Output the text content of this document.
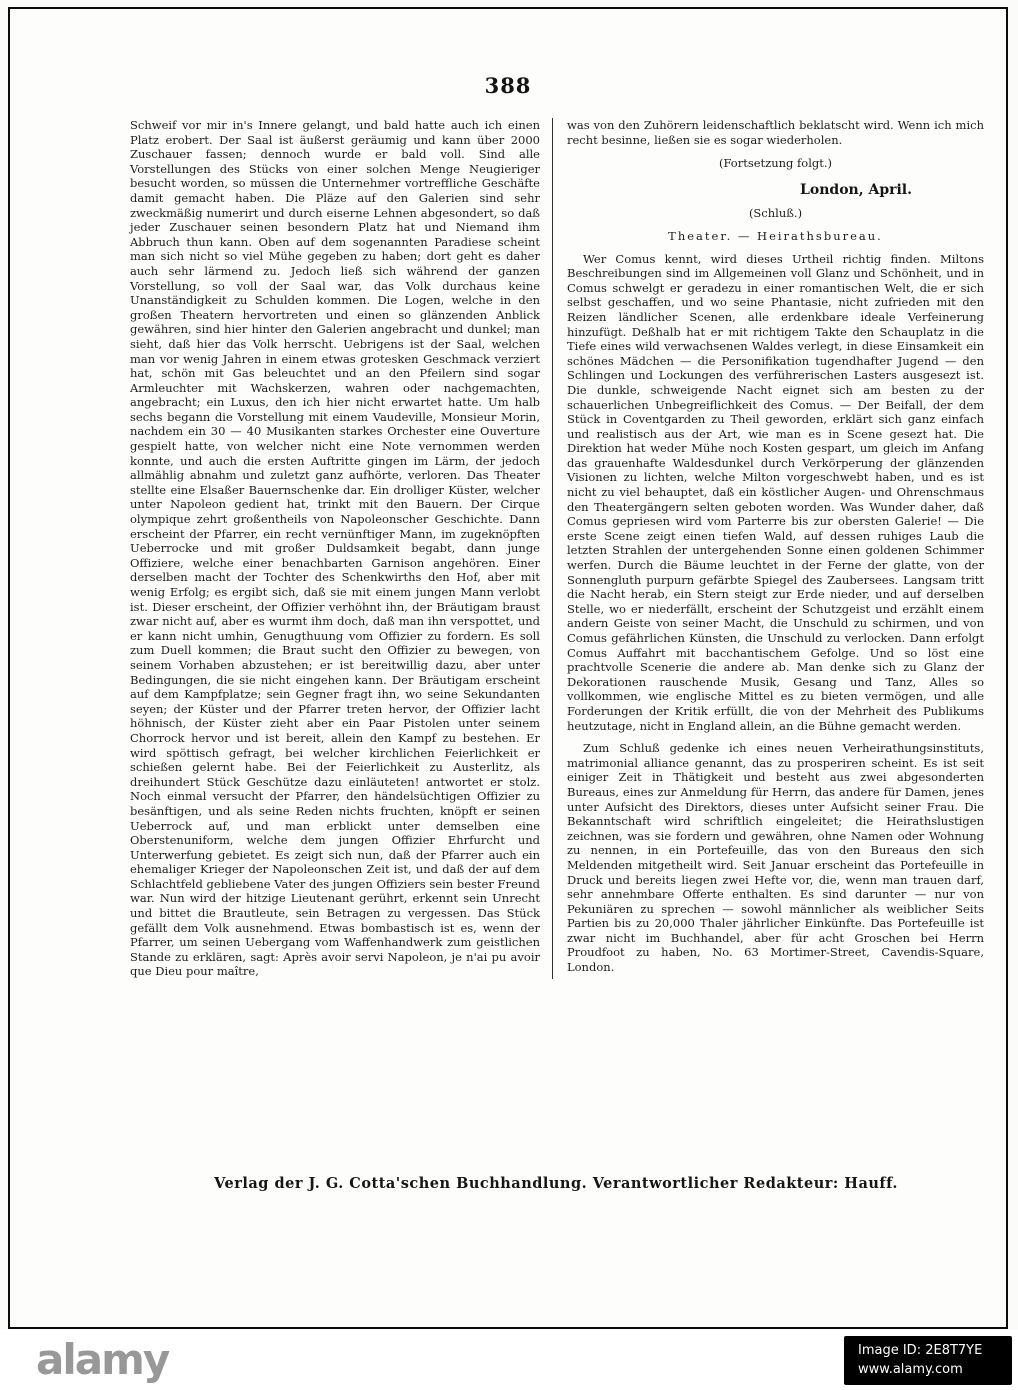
388

Schweif vor mir in's Innere gelangt, und bald hatte auch ich einen Platz erobert. Der Saal ist äußerst geräumig und kann über 2000 Zuschauer fassen; dennoch wurde er bald voll. Sind alle Vorstellungen des Stücks von einer solchen Menge Neugieriger besucht worden, so müssen die Unternehmer vortreffliche Geschäfte damit gemacht haben. Die Pläze auf den Galerien sind sehr zweckmäßig numerirt und durch eiserne Lehnen abgesondert, so daß jeder Zuschauer seinen besondern Platz hat und Niemand ihm Abbruch thun kann. Oben auf dem sogenannten Paradiese scheint man sich nicht so viel Mühe gegeben zu haben; dort geht es daher auch sehr lärmend zu. Jedoch ließ sich während der ganzen Vorstellung, so voll der Saal war, das Volk durchaus keine Unanständigkeit zu Schulden kommen. Die Logen, welche in den großen Theatern hervortreten und einen so glänzenden Anblick gewähren, sind hier hinter den Galerien angebracht und dunkel; man sieht, daß hier das Volk herrscht. Uebrigens ist der Saal, welchen man vor wenig Jahren in einem etwas grotesken Geschmack verziert hat, schön mit Gas beleuchtet und an den Pfeilern sind sogar Armleuchter mit Wachskerzen, wahren oder nachgemachten, angebracht; ein Luxus, den ich hier nicht erwartet hatte. Um halb sechs begann die Vorstellung mit einem Vaudeville, Monsieur Morin, nachdem ein 30 — 40 Musikanten starkes Orchester eine Ouverture gespielt hatte, von welcher nicht eine Note vernommen werden konnte, und auch die ersten Auftritte gingen im Lärm, der jedoch allmählig abnahm und zuletzt ganz aufhörte, verloren. Das Theater stellte eine Elsaßer Bauernschenke dar. Ein drolliger Küster, welcher unter Napoleon gedient hat, trinkt mit den Bauern. Der Cirque olympique zehrt großentheils von Napoleonscher Geschichte. Dann erscheint der Pfarrer, ein recht vernünftiger Mann, im zugeknöpften Ueberrocke und mit großer Duldsamkeit begabt, dann junge Offiziere, welche einer benachbarten Garnison angehören. Einer derselben macht der Tochter des Schenkwirths den Hof, aber mit wenig Erfolg; es ergibt sich, daß sie mit einem jungen Mann verlobt ist. Dieser erscheint, der Offizier verhöhnt ihn, der Bräutigam braust zwar nicht auf, aber es wurmt ihm doch, daß man ihn verspottet, und er kann nicht umhin, Genugthuung vom Offizier zu fordern. Es soll zum Duell kommen; die Braut sucht den Offizier zu bewegen, von seinem Vorhaben abzustehen; er ist bereitwillig dazu, aber unter Bedingungen, die sie nicht eingehen kann. Der Bräutigam erscheint auf dem Kampfplatze; sein Gegner fragt ihn, wo seine Sekundanten seyen; der Küster und der Pfarrer treten hervor, der Offizier lacht höhnisch, der Küster zieht aber ein Paar Pistolen unter seinem Chorrock hervor und ist bereit, allein den Kampf zu bestehen. Er wird spöttisch gefragt, bei welcher kirchlichen Feierlichkeit er schießen gelernt habe. Bei der Feierlichkeit zu Austerlitz, als dreihundert Stück Geschütze dazu einläuteten! antwortet er stolz. Noch einmal versucht der Pfarrer, den händelsüchtigen Offizier zu besänftigen, und als seine Reden nichts fruchten, knöpft er seinen Ueberrock auf, und man erblickt unter demselben eine Oberstenuniform, welche dem jungen Offizier Ehrfurcht und Unterwerfung gebietet. Es zeigt sich nun, daß der Pfarrer auch ein ehemaliger Krieger der Napoleonschen Zeit ist, und daß der auf dem Schlachtfeld gebliebene Vater des jungen Offiziers sein bester Freund war. Nun wird der hitzige Lieutenant gerührt, erkennt sein Unrecht und bittet die Brautleute, sein Betragen zu vergessen. Das Stück gefällt dem Volk ausnehmend. Etwas bombastisch ist es, wenn der Pfarrer, um seinen Uebergang vom Waffenhandwerk zum geistlichen Stande zu erklären, sagt: Après avoir servi Napoleon, je n'ai pu avoir que Dieu pour maître,

was von den Zuhörern leidenschaftlich beklatscht wird. Wenn ich mich recht besinne, ließen sie es sogar wiederholen.

(Fortsetzung folgt.)

London, April.

(Schluß.)

Theater. — Heirathsbureau.

Wer Comus kennt, wird dieses Urtheil richtig finden. Miltons Beschreibungen sind im Allgemeinen voll Glanz und Schönheit, und in Comus schwelgt er geradezu in einer romantischen Welt, die er sich selbst geschaffen, und wo seine Phantasie, nicht zufrieden mit den Reizen ländlicher Scenen, alle erdenkbare ideale Verfeinerung hinzufügt. Deßhalb hat er mit richtigem Takte den Schauplatz in die Tiefe eines wild verwachsenen Waldes verlegt, in diese Einsamkeit ein schönes Mädchen — die Personifikation tugendhafter Jugend — den Schlingen und Lockungen des verführerischen Lasters ausgesezt ist. Die dunkle, schweigende Nacht eignet sich am besten zu der schauerlichen Unbegreiflichkeit des Comus. — Der Beifall, der dem Stück in Coventgarden zu Theil geworden, erklärt sich ganz einfach und realistisch aus der Art, wie man es in Scene gesezt hat. Die Direktion hat weder Mühe noch Kosten gespart, um gleich im Anfang das grauenhafte Waldesdunkel durch Verkörperung der glänzenden Visionen zu lichten, welche Milton vorgeschwebt haben, und es ist nicht zu viel behauptet, daß ein köstlicher Augen- und Ohrenschmaus den Theatergängern selten geboten worden. Was Wunder daher, daß Comus gepriesen wird vom Parterre bis zur obersten Galerie! — Die erste Scene zeigt einen tiefen Wald, auf dessen ruhiges Laub die letzten Strahlen der untergehenden Sonne einen goldenen Schimmer werfen. Durch die Bäume leuchtet in der Ferne der glatte, von der Sonnengluth purpurn gefärbte Spiegel des Zaubersees. Langsam tritt die Nacht herab, ein Stern steigt zur Erde nieder, und auf derselben Stelle, wo er niederfällt, erscheint der Schutzgeist und erzählt einem andern Geiste von seiner Macht, die Unschuld zu schirmen, und von Comus gefährlichen Künsten, die Unschuld zu verlocken. Dann erfolgt Comus Auffahrt mit bacchantischem Gefolge. Und so löst eine prachtvolle Scenerie die andere ab. Man denke sich zu Glanz der Dekorationen rauschende Musik, Gesang und Tanz, Alles so vollkommen, wie englische Mittel es zu bieten vermögen, und alle Forderungen der Kritik erfüllt, die von der Mehrheit des Publikums heutzutage, nicht in England allein, an die Bühne gemacht werden.

Zum Schluß gedenke ich eines neuen Verheirathungsinstituts, matrimonial alliance genannt, das zu prosperiren scheint. Es ist seit einiger Zeit in Thätigkeit und besteht aus zwei abgesonderten Bureaus, eines zur Anmeldung für Herrn, das andere für Damen, jenes unter Aufsicht des Direktors, dieses unter Aufsicht seiner Frau. Die Bekanntschaft wird schriftlich eingeleitet; die Heirathslustigen zeichnen, was sie fordern und gewähren, ohne Namen oder Wohnung zu nennen, in ein Portefeuille, das von den Bureaus den sich Meldenden mitgetheilt wird. Seit Januar erscheint das Portefeuille in Druck und bereits liegen zwei Hefte vor, die, wenn man trauen darf, sehr annehmbare Offerte enthalten. Es sind darunter — nur von Pekuniären zu sprechen — sowohl männlicher als weiblicher Seits Partien bis zu 20,000 Thaler jährlicher Einkünfte. Das Portefeuille ist zwar nicht im Buchhandel, aber für acht Groschen bei Herrn Proudfoot zu haben, No. 63 Mortimer-Street, Cavendis-Square, London.

Verlag der J. G. Cotta'schen Buchhandlung. Verantwortlicher Redakteur: Hauff.
alamy	Image ID: 2E8T7YE
www.alamy.com
